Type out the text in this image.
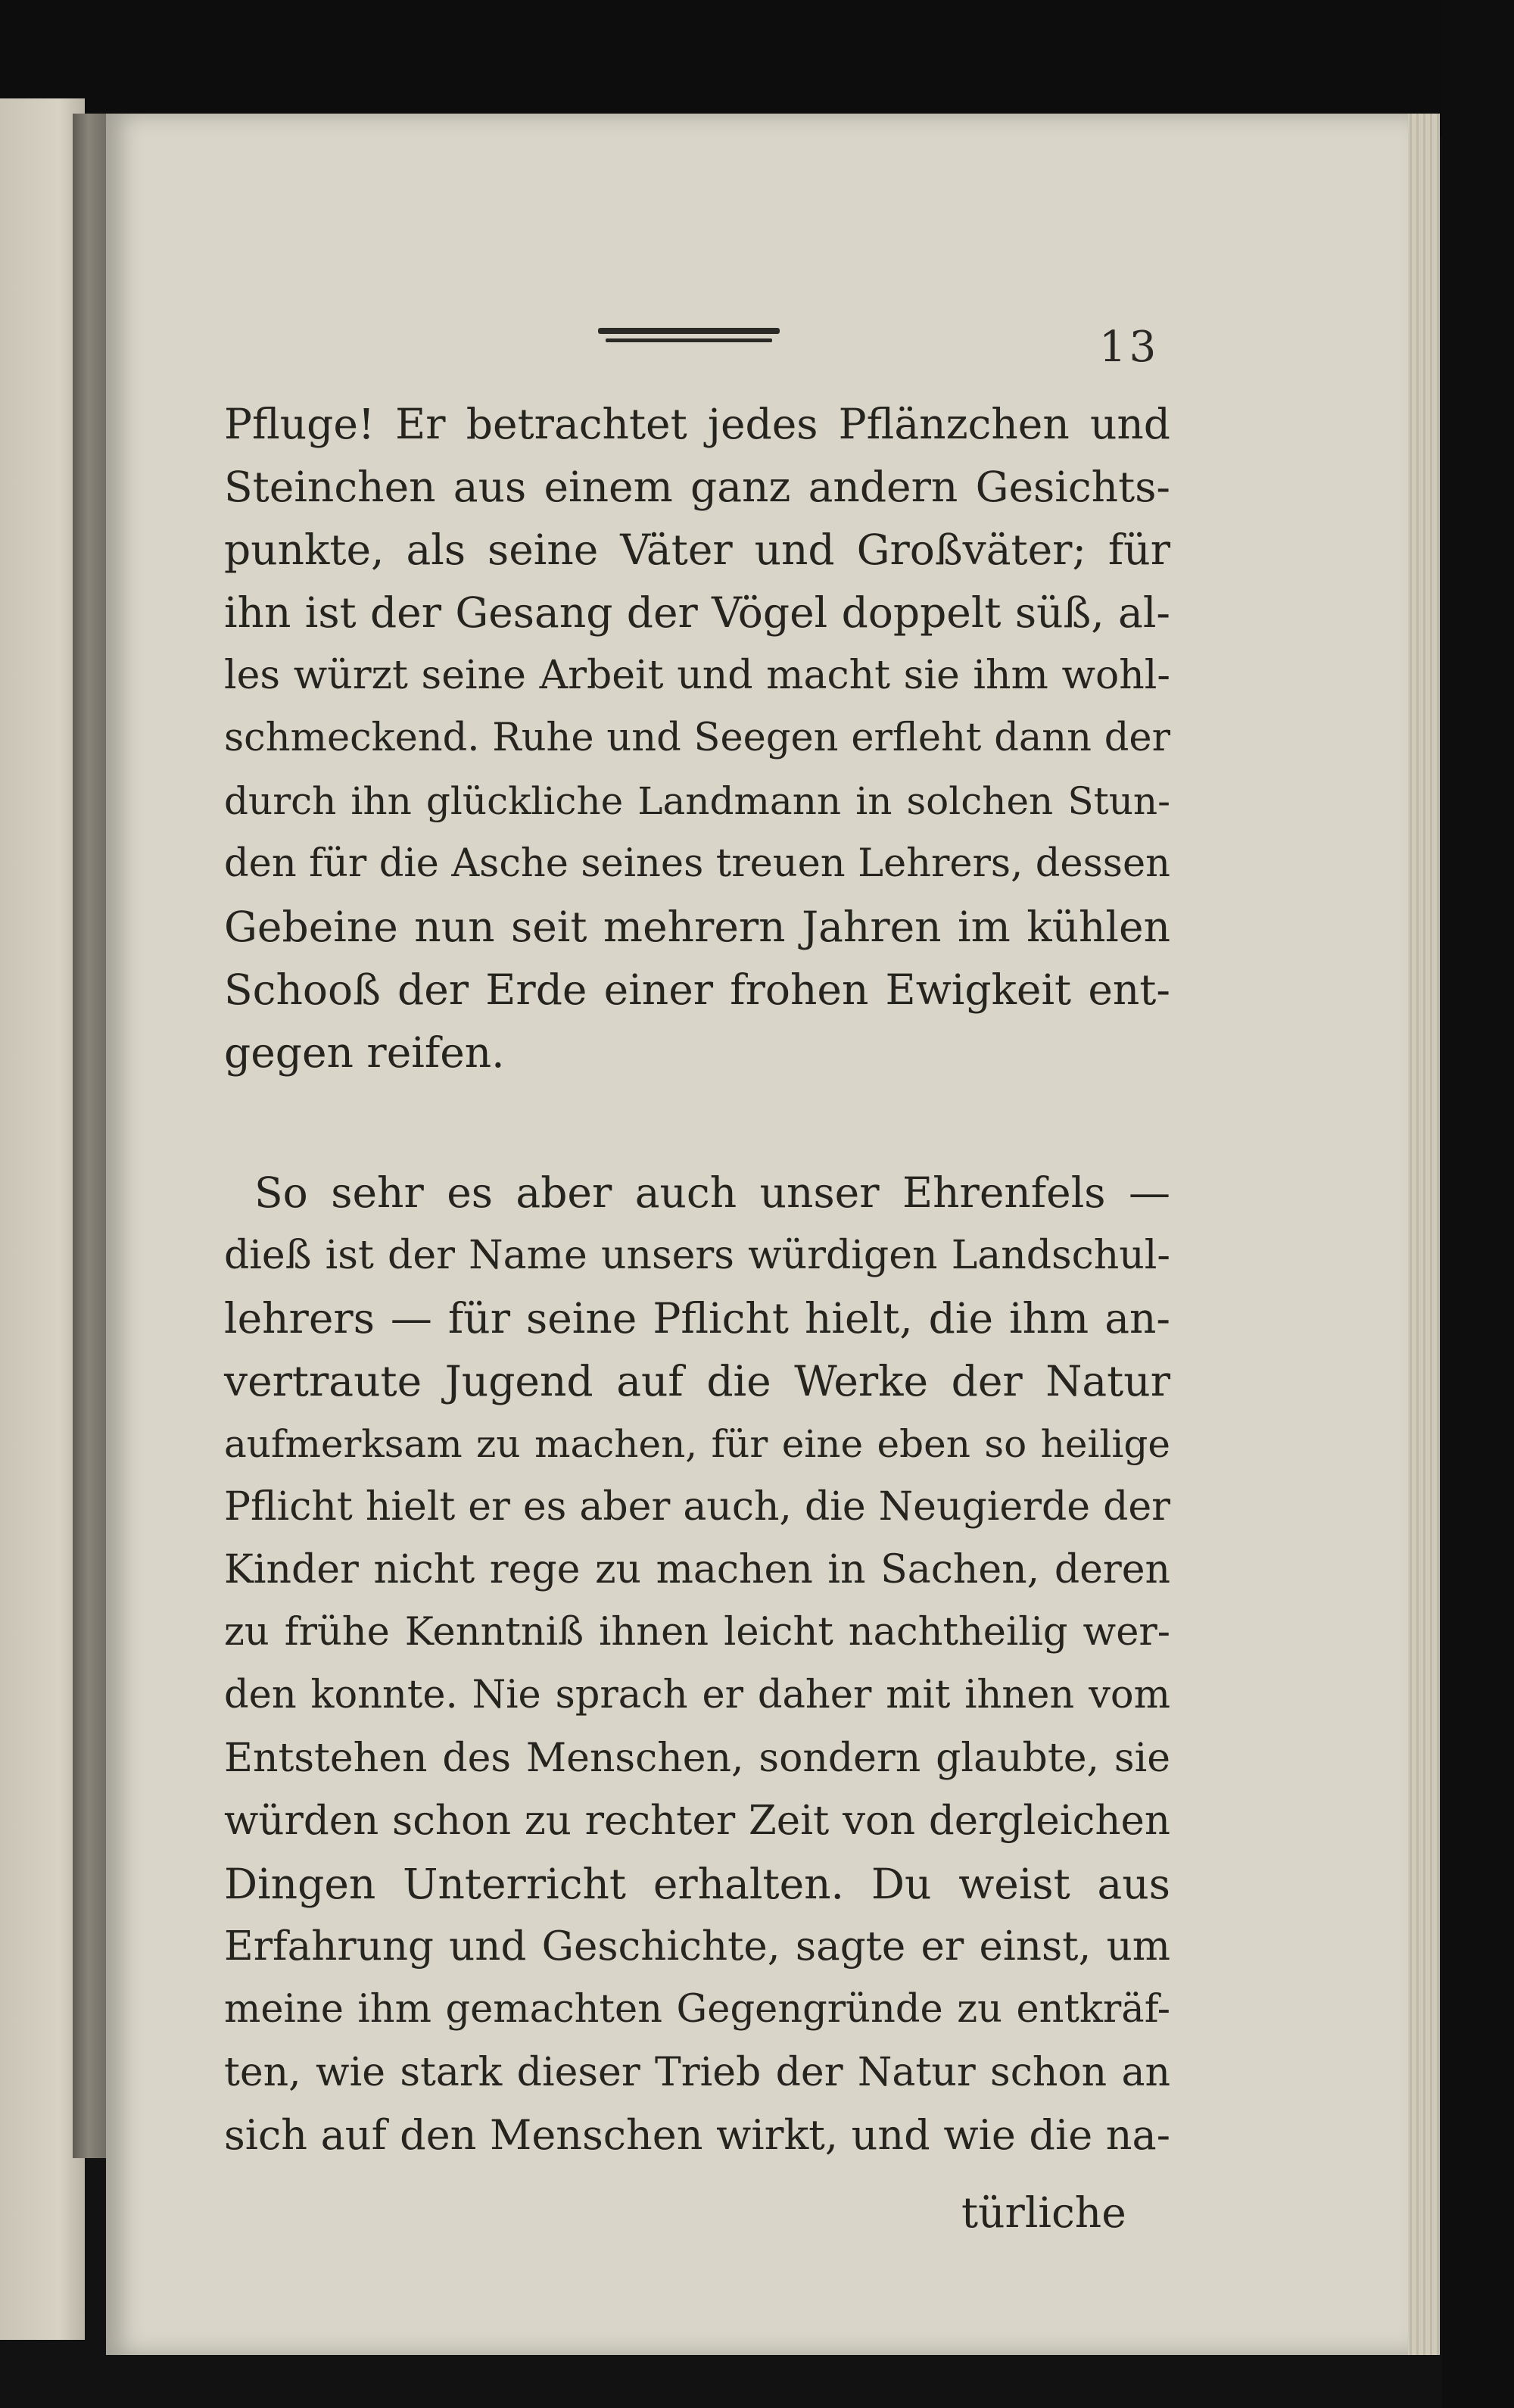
13
Pfluge! Er betrachtet jedes Pflänzchen und
Steinchen aus einem ganz andern Gesichts-
punkte, als seine Väter und Großväter; für
ihn ist der Gesang der Vögel doppelt süß, al-
les würzt seine Arbeit und macht sie ihm wohl-
schmeckend. Ruhe und Seegen erfleht dann der
durch ihn glückliche Landmann in solchen Stun-
den für die Asche seines treuen Lehrers, dessen
Gebeine nun seit mehrern Jahren im kühlen
Schooß der Erde einer frohen Ewigkeit ent-
gegen reifen.
So sehr es aber auch unser Ehrenfels —
dieß ist der Name unsers würdigen Landschul-
lehrers — für seine Pflicht hielt, die ihm an-
vertraute Jugend auf die Werke der Natur
aufmerksam zu machen, für eine eben so heilige
Pflicht hielt er es aber auch, die Neugierde der
Kinder nicht rege zu machen in Sachen, deren
zu frühe Kenntniß ihnen leicht nachtheilig wer-
den konnte. Nie sprach er daher mit ihnen vom
Entstehen des Menschen, sondern glaubte, sie
würden schon zu rechter Zeit von dergleichen
Dingen Unterricht erhalten. Du weist aus
Erfahrung und Geschichte, sagte er einst, um
meine ihm gemachten Gegengründe zu entkräf-
ten, wie stark dieser Trieb der Natur schon an
sich auf den Menschen wirkt, und wie die na-
türliche
